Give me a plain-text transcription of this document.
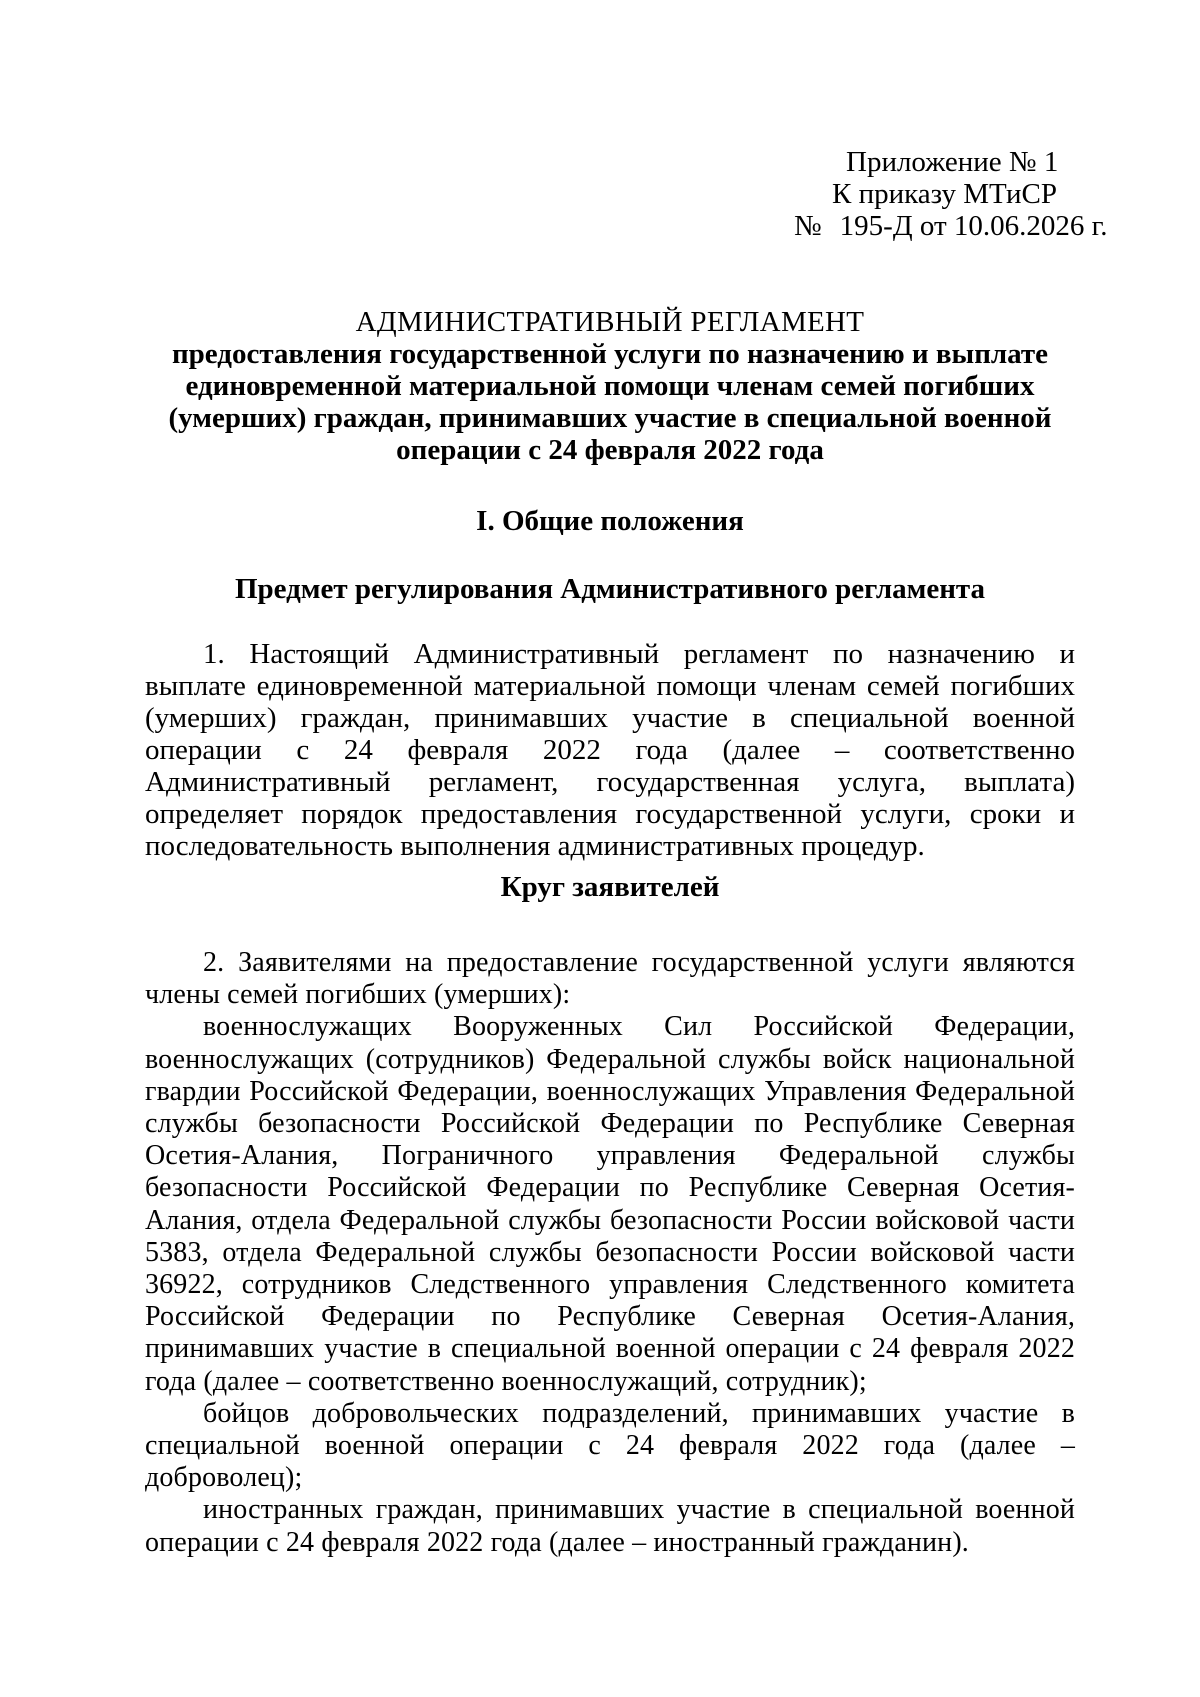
Приложение № 1
К приказу МТиСР
№ 195-Д от 10.06.2026 г.
АДМИНИСТРАТИВНЫЙ РЕГЛАМЕНТ
предоставления государственной услуги по назначению и выплате
единовременной материальной помощи членам семей погибших
(умерших) граждан, принимавших участие в специальной военной
операции с 24 февраля 2022 года
I. Общие положения
Предмет регулирования Административного регламента
1. Настоящий Административный регламент по назначению и выплате единовременной материальной помощи членам семей погибших (умерших) граждан, принимавших участие в специальной военной операции с 24 февраля 2022 года (далее – соответственно Административный регламент, государственная услуга, выплата) определяет порядок предоставления государственной услуги, сроки и последовательность выполнения административных процедур.
Круг заявителей

2. Заявителями на предоставление государственной услуги являются члены семей погибших (умерших):

военнослужащих Вооруженных Сил Российской Федерации, военнослужащих (сотрудников) Федеральной службы войск национальной гвардии Российской Федерации, военнослужащих Управления Федеральной службы безопасности Российской Федерации по Республике Северная Осетия-Алания, Пограничного управления Федеральной службы безопасности Российской Федерации по Республике Северная Осетия-Алания, отдела Федеральной службы безопасности России войсковой части 5383, отдела Федеральной службы безопасности России войсковой части 36922, сотрудников Следственного управления Следственного комитета Российской Федерации по Республике Северная Осетия-Алания, принимавших участие в специальной военной операции с 24 февраля 2022 года (далее – соответственно военнослужащий, сотрудник);

бойцов добровольческих подразделений, принимавших участие в специальной военной операции с 24 февраля 2022 года (далее – доброволец);

иностранных граждан, принимавших участие в специальной военной операции с 24 февраля 2022 года (далее – иностранный гражданин).
